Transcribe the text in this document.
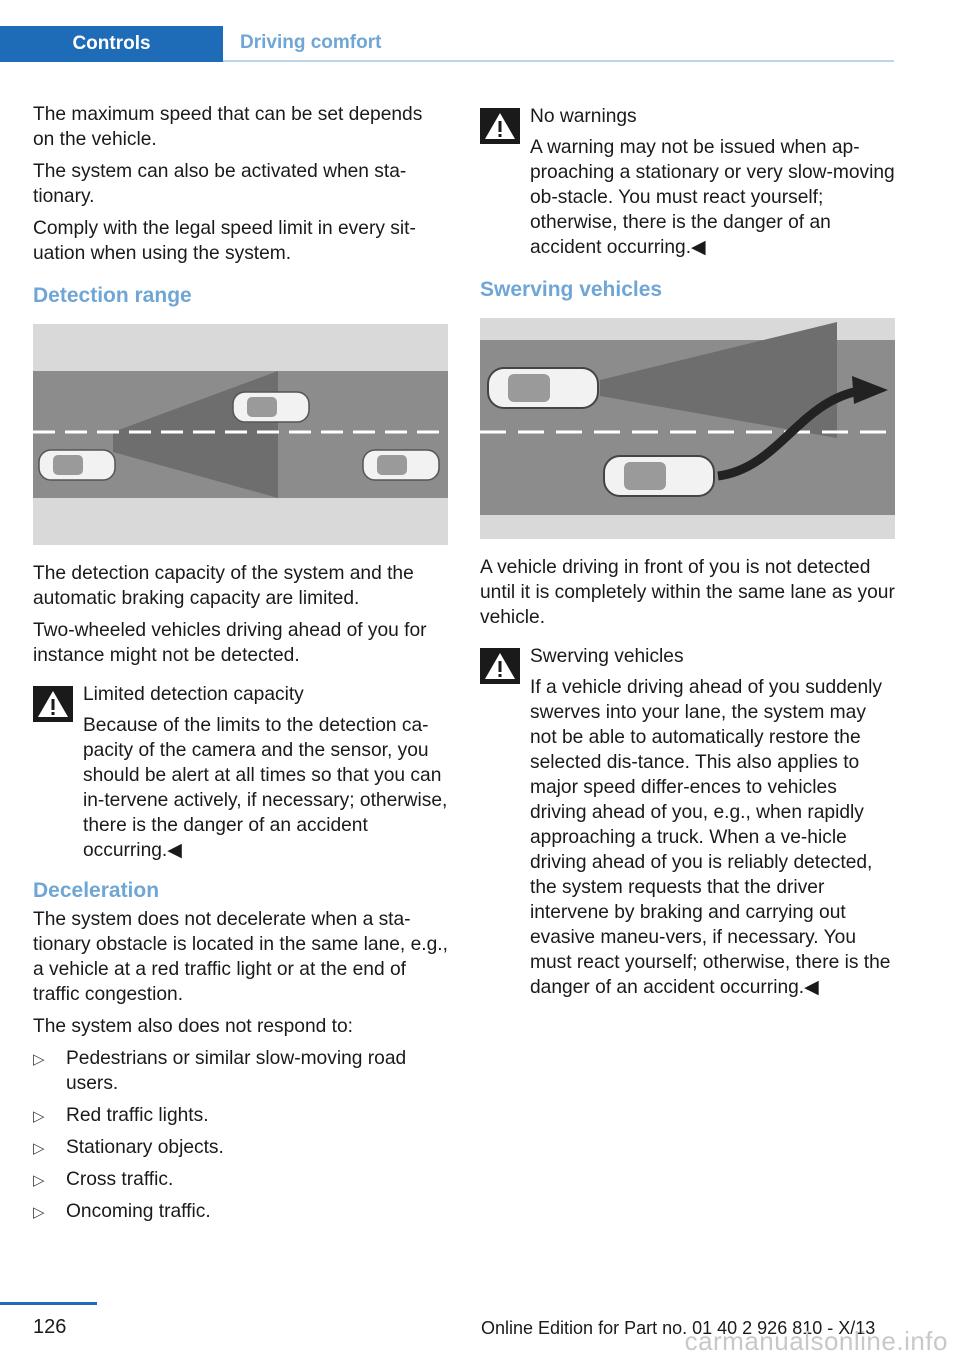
Controls	Driving comfort

The maximum speed that can be set depends on the vehicle.

The system can also be activated when sta-tionary.

Comply with the legal speed limit in every sit-uation when using the system.

Detection range

The detection capacity of the system and the automatic braking capacity are limited.

Two-wheeled vehicles driving ahead of you for instance might not be detected.

Limited detection capacity

Because of the limits to the detection ca-pacity of the camera and the sensor, you should be alert at all times so that you can in-tervene actively, if necessary; otherwise, there is the danger of an accident occurring.◀

Deceleration

The system does not decelerate when a sta-tionary obstacle is located in the same lane, e.g., a vehicle at a red traffic light or at the end of traffic congestion.

The system also does not respond to:

▷ Pedestrians or similar slow-moving road users.
▷ Red traffic lights.
▷ Stationary objects.
▷ Cross traffic.
▷ Oncoming traffic.

No warnings

A warning may not be issued when ap-proaching a stationary or very slow-moving ob-stacle. You must react yourself; otherwise, there is the danger of an accident occurring.◀

Swerving vehicles

A vehicle driving in front of you is not detected until it is completely within the same lane as your vehicle.

Swerving vehicles

If a vehicle driving ahead of you suddenly swerves into your lane, the system may not be able to automatically restore the selected dis-tance. This also applies to major speed differ-ences to vehicles driving ahead of you, e.g., when rapidly approaching a truck. When a ve-hicle driving ahead of you is reliably detected, the system requests that the driver intervene by braking and carrying out evasive maneu-vers, if necessary. You must react yourself; otherwise, there is the danger of an accident occurring.◀

126	Online Edition for Part no. 01 40 2 926 810 - X/13
carmanualsonline.info
